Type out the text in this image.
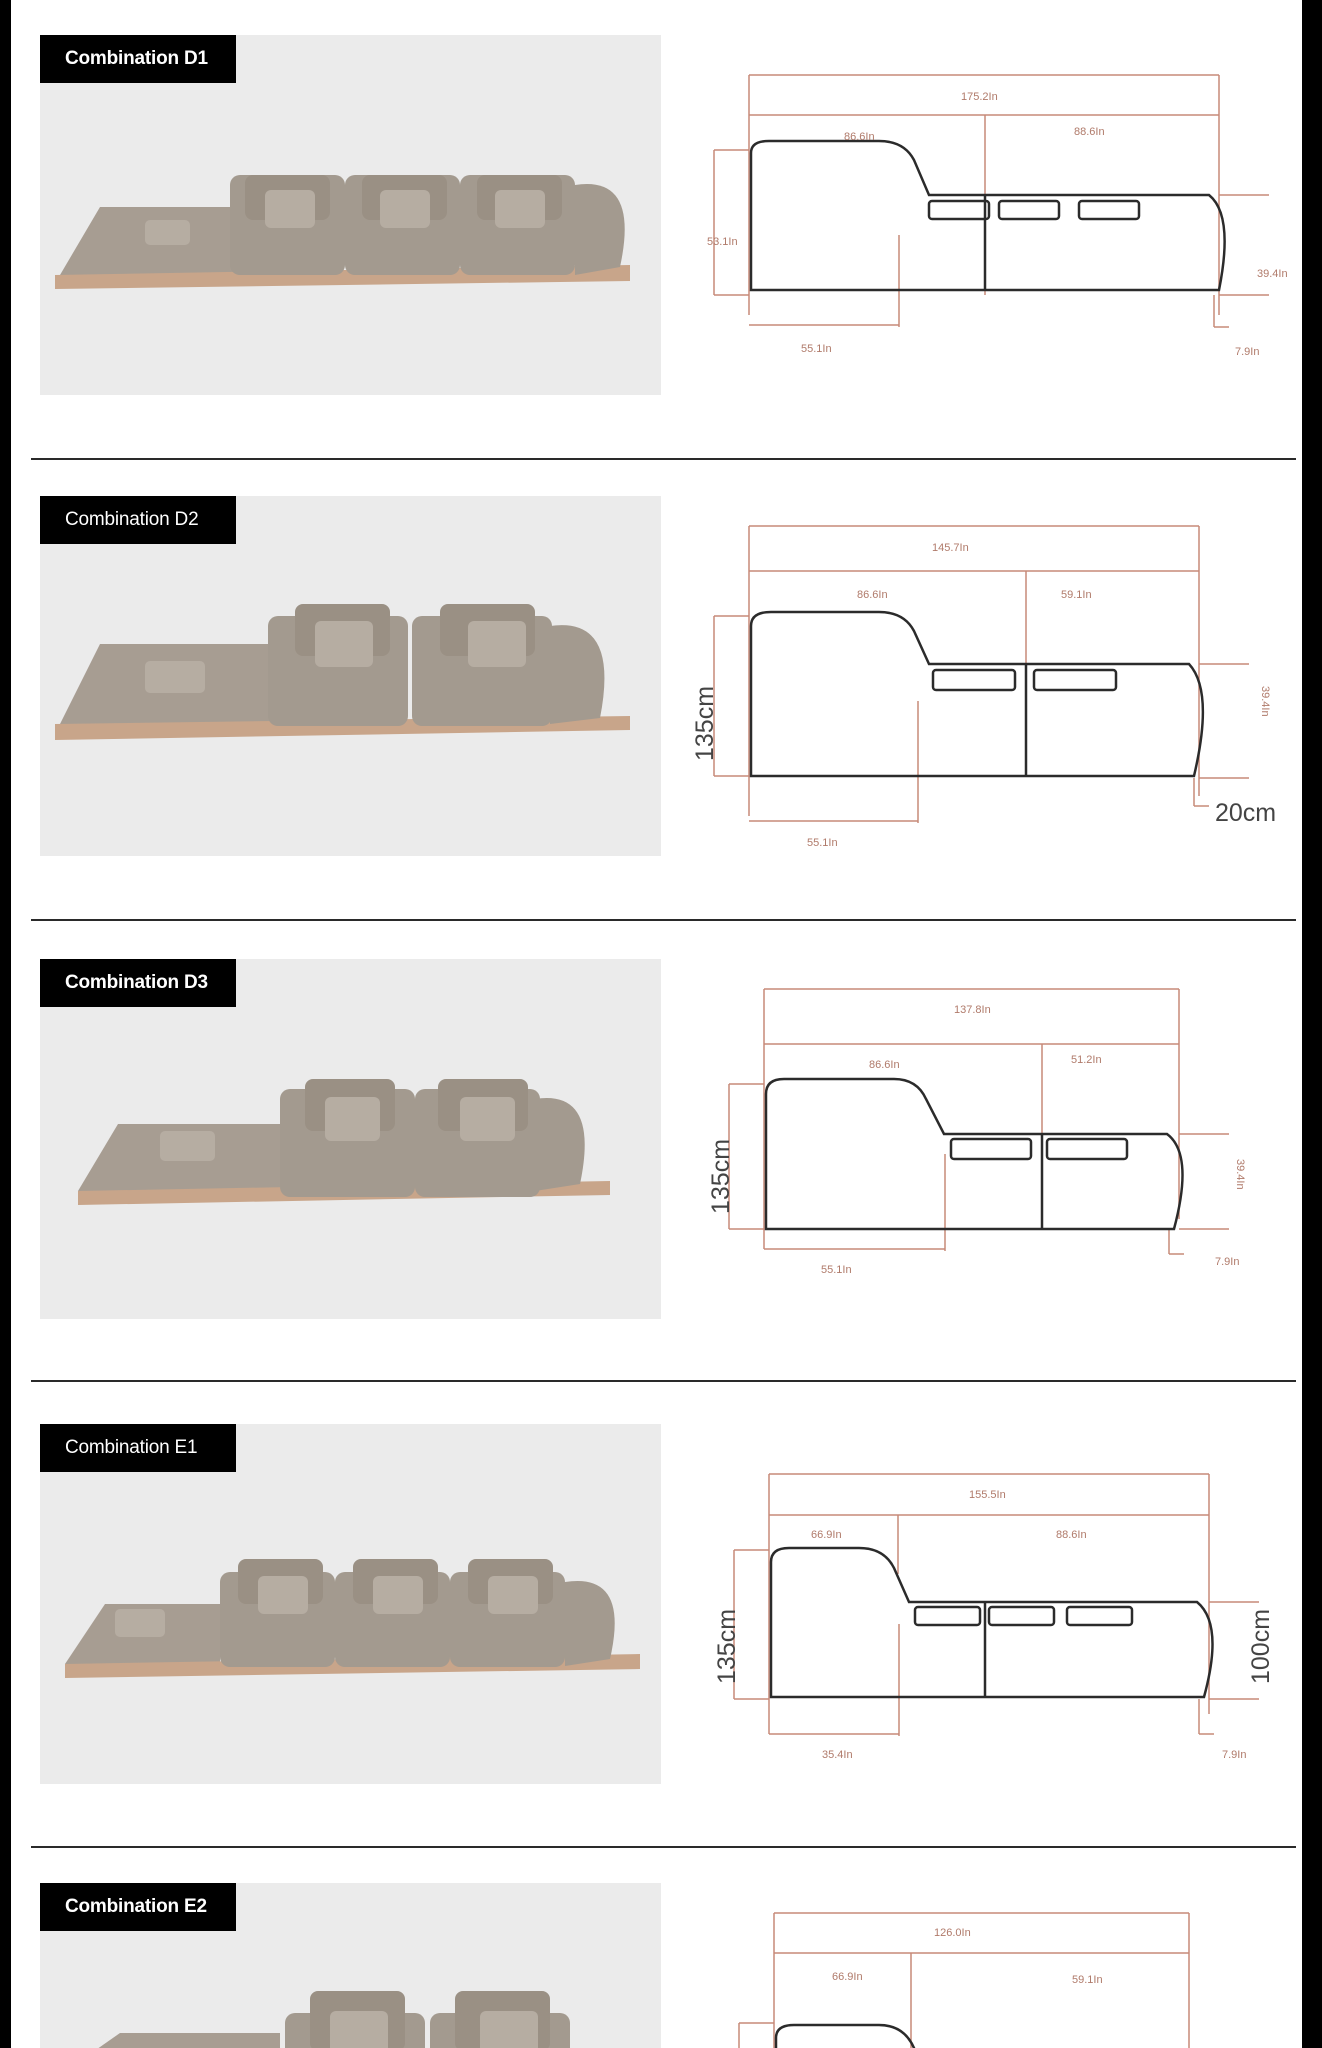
Combination D1
175.2In
86.6In	88.6In
53.1In
55.1In
39.4In
7.9In
Combination D2
145.7In
86.6In	59.1In
135cm
55.1In
39.4In
20cm
Combination D3
137.8In
86.6In	51.2In
135cm
55.1In
39.4In
7.9In
Combination E1
155.5In
66.9In	88.6In
135cm
35.4In
100cm
7.9In
Combination E2
126.0In
66.9In	59.1In
